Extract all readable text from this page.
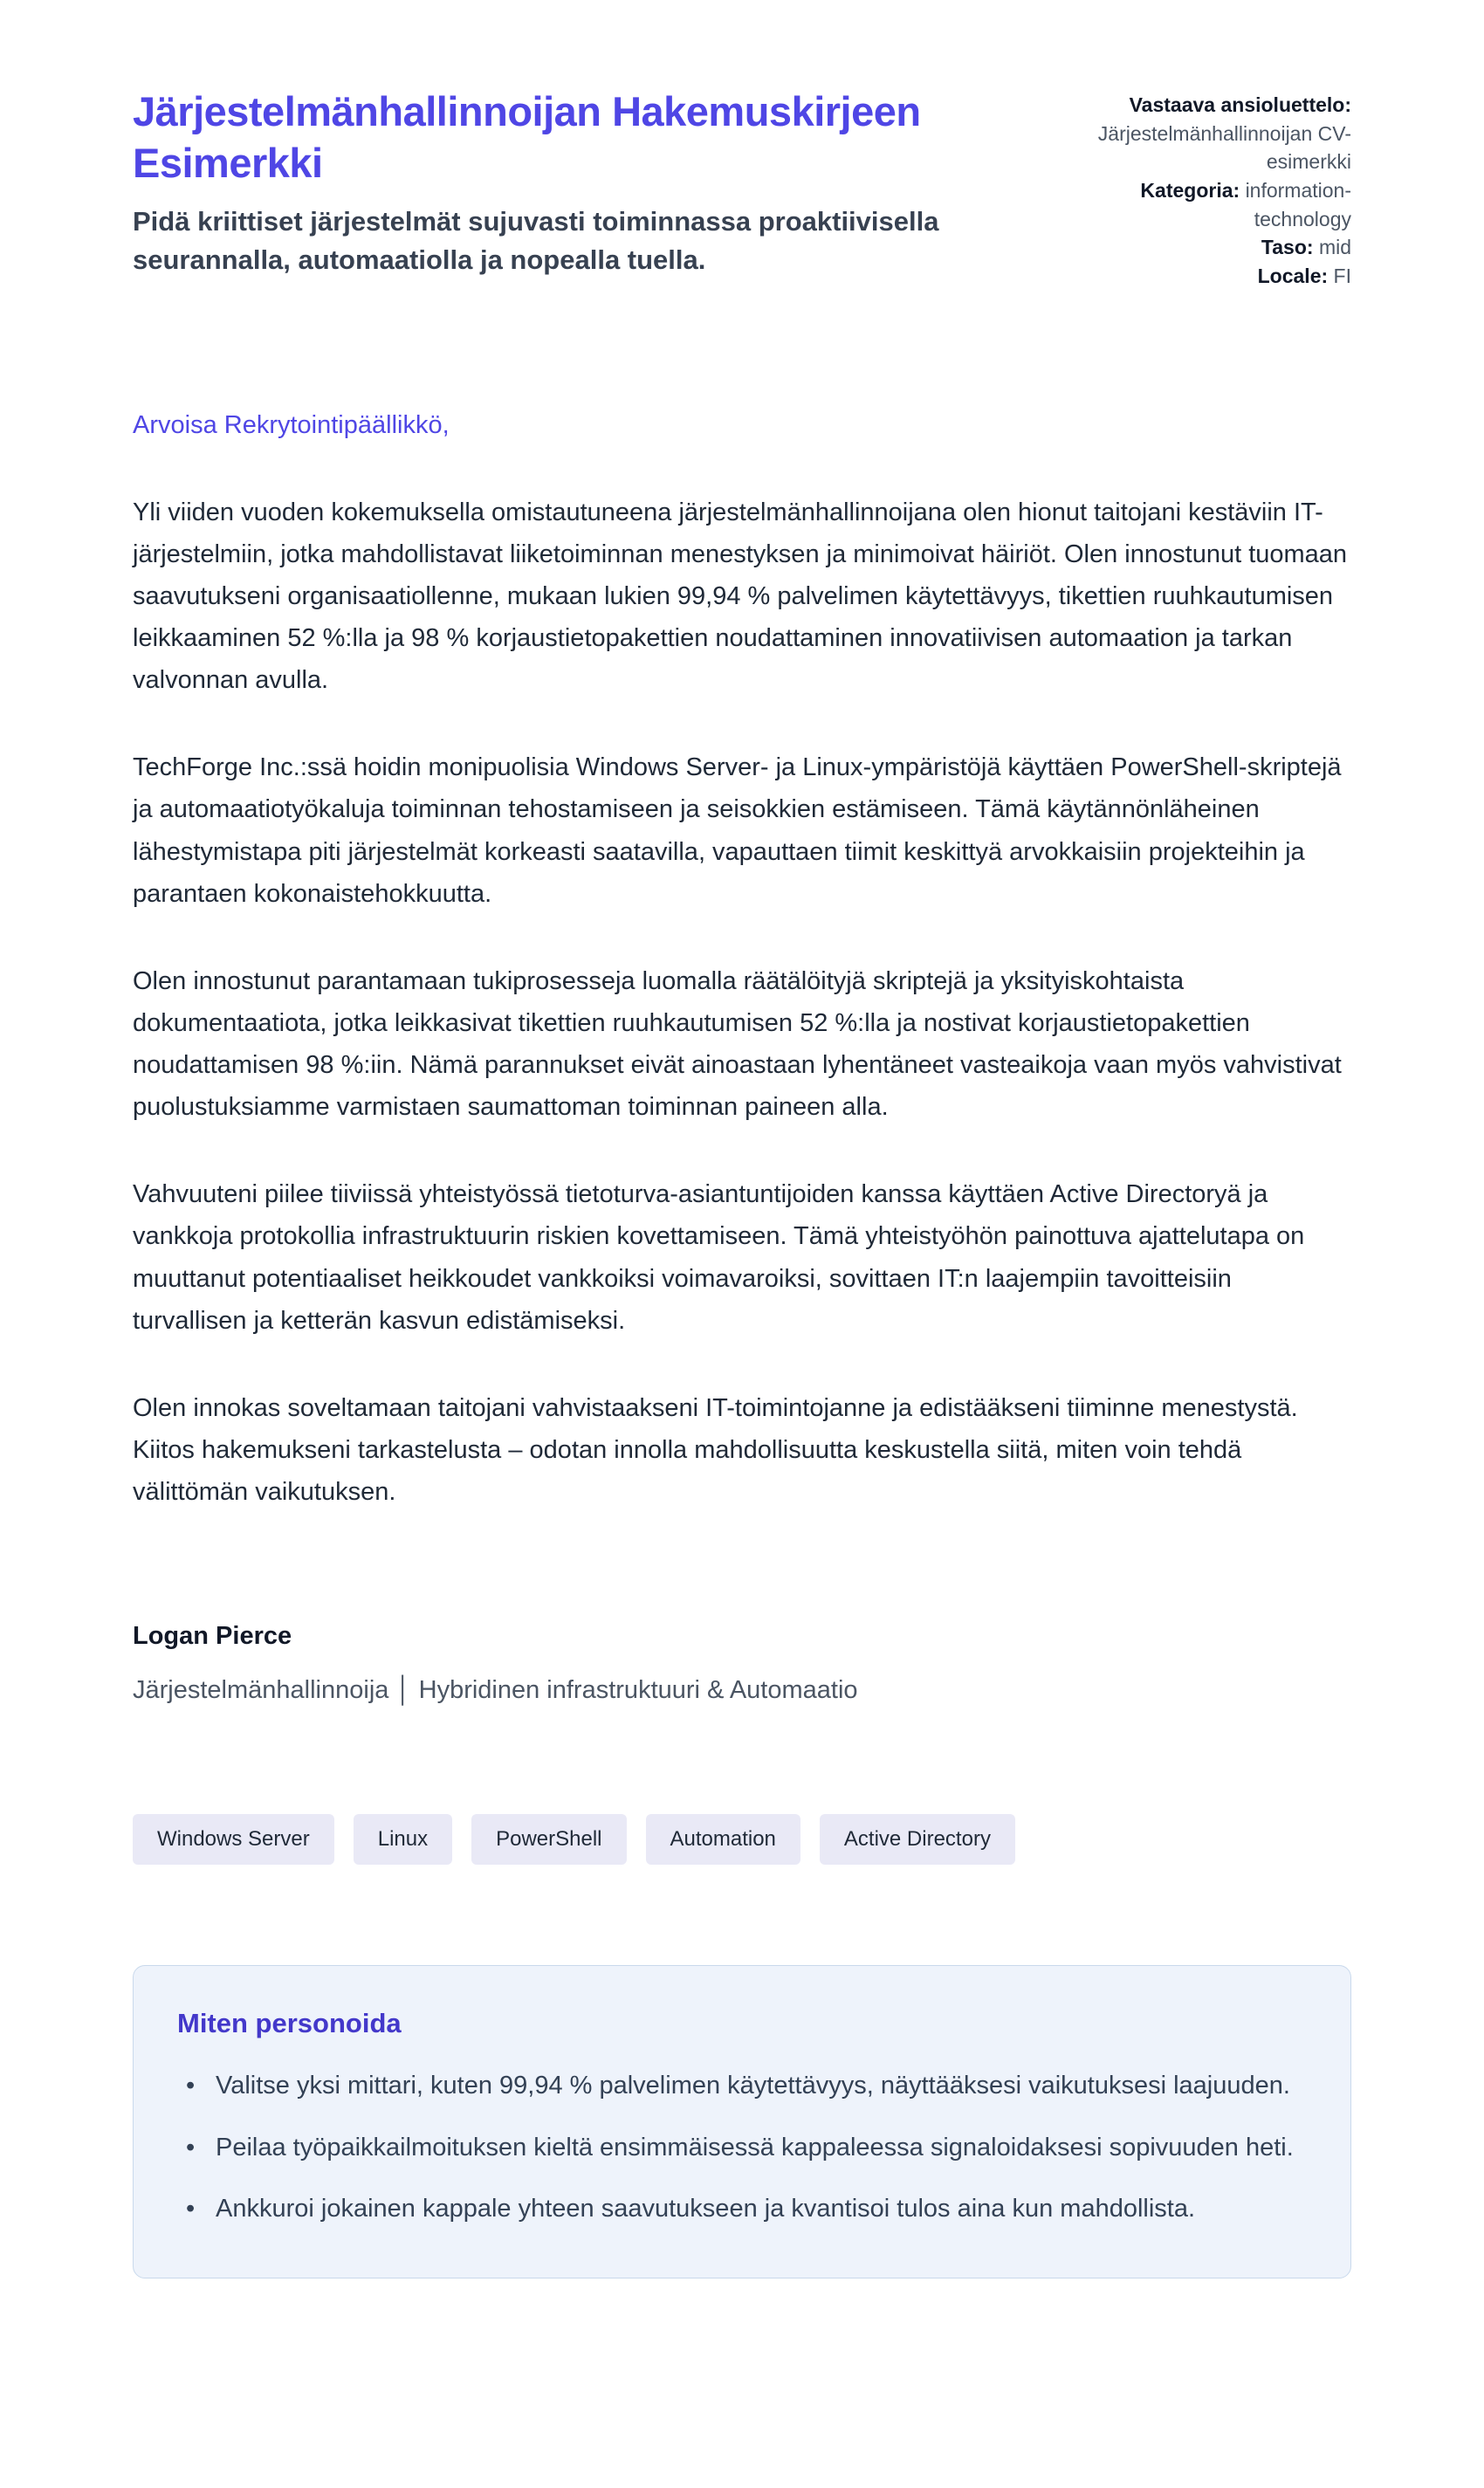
Järjestelmänhallinnoijan Hakemuskirjeen Esimerkki

Pidä kriittiset järjestelmät sujuvasti toiminnassa proaktiivisella seurannalla, automaatiolla ja nopealla tuella.

Vastaava ansioluettelo: Järjestelmänhallinnoijan CV-esimerkki
Kategoria: information-technology
Taso: mid
Locale: FI

Arvoisa Rekrytointipäällikkö,

Yli viiden vuoden kokemuksella omistautuneena järjestelmänhallinnoijana olen hionut taitojani kestäviin IT-järjestelmiin, jotka mahdollistavat liiketoiminnan menestyksen ja minimoivat häiriöt. Olen innostunut tuomaan saavutukseni organisaatiollenne, mukaan lukien 99,94 % palvelimen käytettävyys, tikettien ruuhkautumisen leikkaaminen 52 %:lla ja 98 % korjaustietopakettien noudattaminen innovatiivisen automaation ja tarkan valvonnan avulla.

TechForge Inc.:ssä hoidin monipuolisia Windows Server- ja Linux-ympäristöjä käyttäen PowerShell-skriptejä ja automaatiotyökaluja toiminnan tehostamiseen ja seisokkien estämiseen. Tämä käytännönläheinen lähestymistapa piti järjestelmät korkeasti saatavilla, vapauttaen tiimit keskittyä arvokkaisiin projekteihin ja parantaen kokonaistehokkuutta.

Olen innostunut parantamaan tukiprosesseja luomalla räätälöityjä skriptejä ja yksityiskohtaista dokumentaatiota, jotka leikkasivat tikettien ruuhkautumisen 52 %:lla ja nostivat korjaustietopakettien noudattamisen 98 %:iin. Nämä parannukset eivät ainoastaan lyhentäneet vasteaikoja vaan myös vahvistivat puolustuksiamme varmistaen saumattoman toiminnan paineen alla.

Vahvuuteni piilee tiiviissä yhteistyössä tietoturva-asiantuntijoiden kanssa käyttäen Active Directoryä ja vankkoja protokollia infrastruktuurin riskien kovettamiseen. Tämä yhteistyöhön painottuva ajattelutapa on muuttanut potentiaaliset heikkoudet vankkoiksi voimavaroiksi, sovittaen IT:n laajempiin tavoitteisiin turvallisen ja ketterän kasvun edistämiseksi.

Olen innokas soveltamaan taitojani vahvistaakseni IT-toimintojanne ja edistääkseni tiiminne menestystä. Kiitos hakemukseni tarkastelusta – odotan innolla mahdollisuutta keskustella siitä, miten voin tehdä välittömän vaikutuksen.

Logan Pierce

Järjestelmänhallinnoija │ Hybridinen infrastruktuuri & Automaatio

Windows Server	Linux	PowerShell	Automation	Active Directory
Miten personoida
• Valitse yksi mittari, kuten 99,94 % palvelimen käytettävyys, näyttääksesi vaikutuksesi laajuuden.
• Peilaa työpaikkailmoituksen kieltä ensimmäisessä kappaleessa signaloidaksesi sopivuuden heti.
• Ankkuroi jokainen kappale yhteen saavutukseen ja kvantisoi tulos aina kun mahdollista.
